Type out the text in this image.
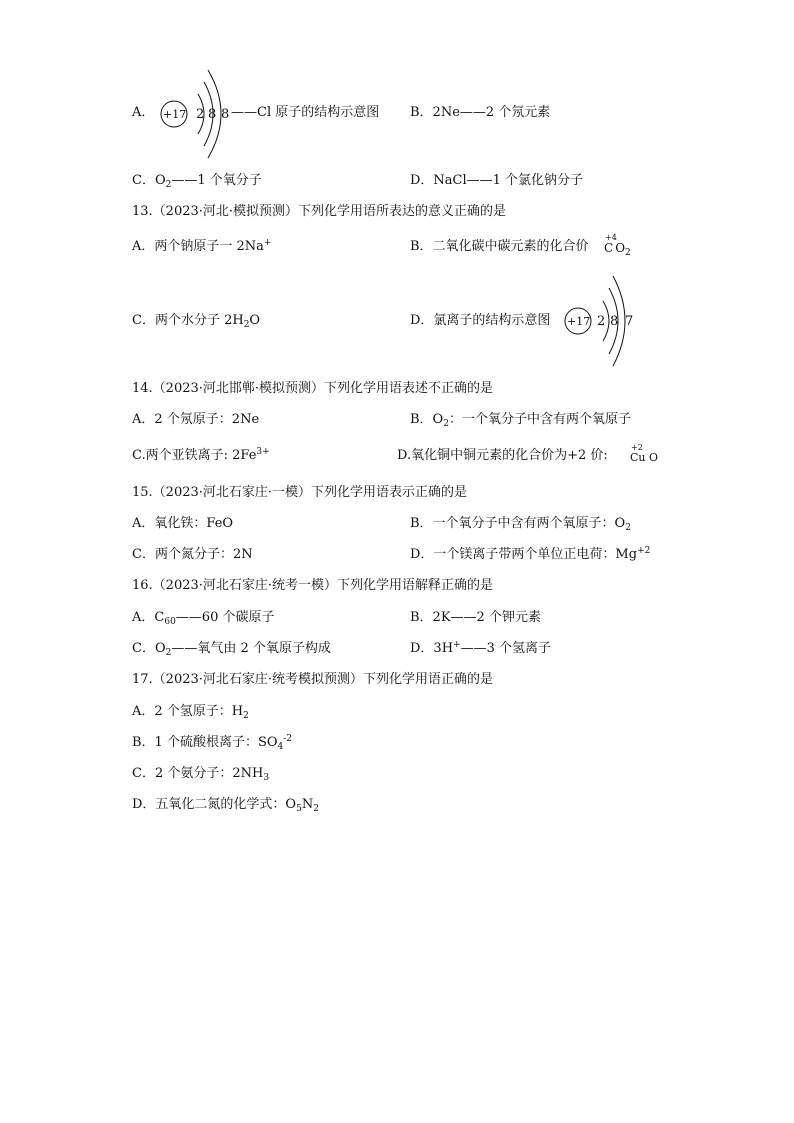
A． +17 2 8 8 ——Cl 原子的结构示意图 B．2Ne——2 个氖元素
C．$O_2——1$ 个氧分子	D．NaCl——1 个氯化钠分子
13.（2023·河北·模拟预测）下列化学用语所表达的意义正确的是
A．两个钠原子一 2Na+	B．二氧化碳中碳元素的化合价
+4
C $O_2$
C．两个水分子 $2H_2O$	D．氯离子的结构示意图 +17 2 8 7
14.（2023·河北邯郸·模拟预测）下列化学用语表述不正确的是
A．2 个氖原子：2Ne	B．$O_2$：一个氧分子中含有两个氧原子
C.两个亚铁离子: $2Fe^{3+}$	D.氧化铜中铜元素的化合价为+2 价:
+2
Cu O
15.（2023·河北石家庄·一模）下列化学用语表示正确的是
A．氧化铁：FeO	B．一个氧分子中含有两个氧原子：$O_2$
C．两个氮分子：2N	D．一个镁离子带两个单位正电荷：$Mg^{+2}$
16.（2023·河北石家庄·统考一模）下列化学用语解释正确的是
A．$C_{60}——60$ 个碳原子	B．2K——2 个钾元素
C．$O_2——$氧气由 2 个氧原子构成	D．3H+——3 个氢离子
17.（2023·河北石家庄·统考模拟预测）下列化学用语正确的是
A．2 个氢原子：$H_2$
B．1 个硫酸根离子：$SO_4^{-2}$
C．2 个氨分子：$2NH_3$
D．五氧化二氮的化学式：$O_5N_2$
